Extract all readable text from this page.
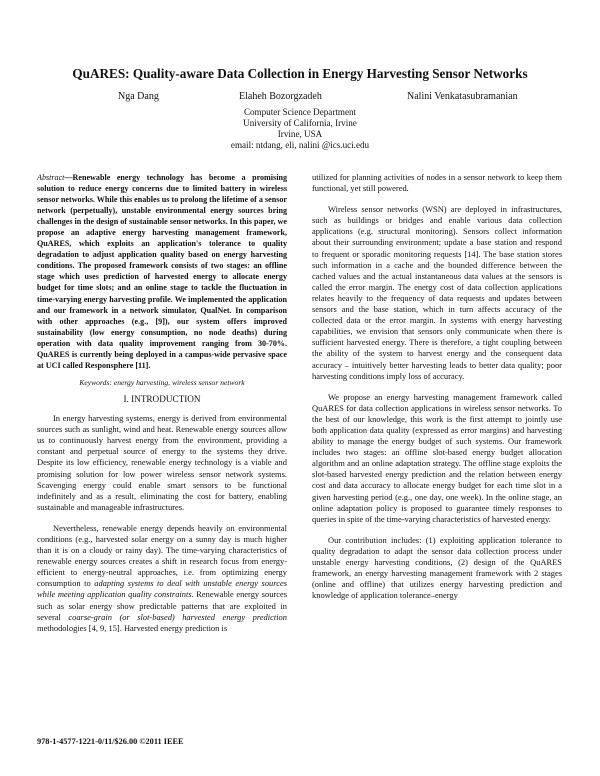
QuARES: Quality-aware Data Collection in Energy Harvesting Sensor Networks
Nga Dang	Elaheh Bozorgzadeh	Nalini Venkatasubramanian
Computer Science Department
University of California, Irvine
Irvine, USA
email: ntdang, eli, nalini @ics.uci.edu

Abstract—Renewable energy technology has become a promising solution to reduce energy concerns due to limited battery in wireless sensor networks. While this enables us to prolong the lifetime of a sensor network (perpetually), unstable environmental energy sources bring challenges in the design of sustainable sensor networks. In this paper, we propose an adaptive energy harvesting management framework, QuARES, which exploits an application's tolerance to quality degradation to adjust application quality based on energy harvesting conditions. The proposed framework consists of two stages: an offline stage which uses prediction of harvested energy to allocate energy budget for time slots; and an online stage to tackle the fluctuation in time-varying energy harvesting profile. We implemented the application and our framework in a network simulator, QualNet. In comparison with other approaches (e.g., [9]), our system offers improved sustainability (low energy consumption, no node deaths) during operation with data quality improvement ranging from 30-70%. QuARES is currently being deployed in a campus-wide pervasive space at UCI called Responsphere [11].

Keywords: energy harvesting, wireless sensor network

I. INTRODUCTION

In energy harvesting systems, energy is derived from environmental sources such as sunlight, wind and heat. Renewable energy sources allow us to continuously harvest energy from the environment, providing a constant and perpetual source of energy to the systems they drive. Despite its low efficiency, renewable energy technology is a viable and promising solution for low power wireless sensor network systems. Scavenging energy could enable smart sensors to be functional indefinitely and as a result, eliminating the cost for battery, enabling sustainable and manageable infrastructures.

Nevertheless, renewable energy depends heavily on environmental conditions (e.g., harvested solar energy on a sunny day is much higher than it is on a cloudy or rainy day). The time-varying characteristics of renewable energy sources creates a shift in research focus from energy-efficient to energy-neutral approaches, i.e. from optimizing energy consumption to adapting systems to deal with unstable energy sources while meeting application quality constraints. Renewable energy sources such as solar energy show predictable patterns that are exploited in several coarse-grain (or slot-based) harvested energy prediction methodologies [4, 9, 15]. Harvested energy prediction is

utilized for planning activities of nodes in a sensor network to keep them functional, yet still powered.

Wireless sensor networks (WSN) are deployed in infrastructures, such as buildings or bridges and enable various data collection applications (e.g. structural monitoring). Sensors collect information about their surrounding environment; update a base station and respond to frequent or sporadic monitoring requests [14]. The base station stores such information in a cache and the bounded difference between the cached values and the actual instantaneous data values at the sensors is called the error margin. The energy cost of data collection applications relates heavily to the frequency of data requests and updates between sensors and the base station, which in turn affects accuracy of the collected data or the error margin. In systems with energy harvesting capabilities, we envision that sensors only communicate when there is sufficient harvested energy. There is therefore, a tight coupling between the ability of the system to harvest energy and the consequent data accuracy – intuitively better harvesting leads to better data quality; poor harvesting conditions imply loss of accuracy.

We propose an energy harvesting management framework called QuARES for data collection applications in wireless sensor networks. To the best of our knowledge, this work is the first attempt to jointly use both application data quality (expressed as error margins) and harvesting ability to manage the energy budget of such systems. Our framework includes two stages: an offline slot-based energy budget allocation algorithm and an online adaptation strategy. The offline stage exploits the slot-based harvested energy prediction and the relation between energy cost and data accuracy to allocate energy budget for each time slot in a given harvesting period (e.g., one day, one week). In the online stage, an online adaptation policy is proposed to guarantee timely responses to queries in spite of the time-varying characteristics of harvested energy.

Our contribution includes: (1) exploiting application tolerance to quality degradation to adapt the sensor data collection process under unstable energy harvesting conditions, (2) design of the QuARES framework, an energy harvesting management framework with 2 stages (online and offline) that utilizes energy harvesting prediction and knowledge of application tolerance–energy

978-1-4577-1221-0/11/$26.00 ©2011 IEEE
